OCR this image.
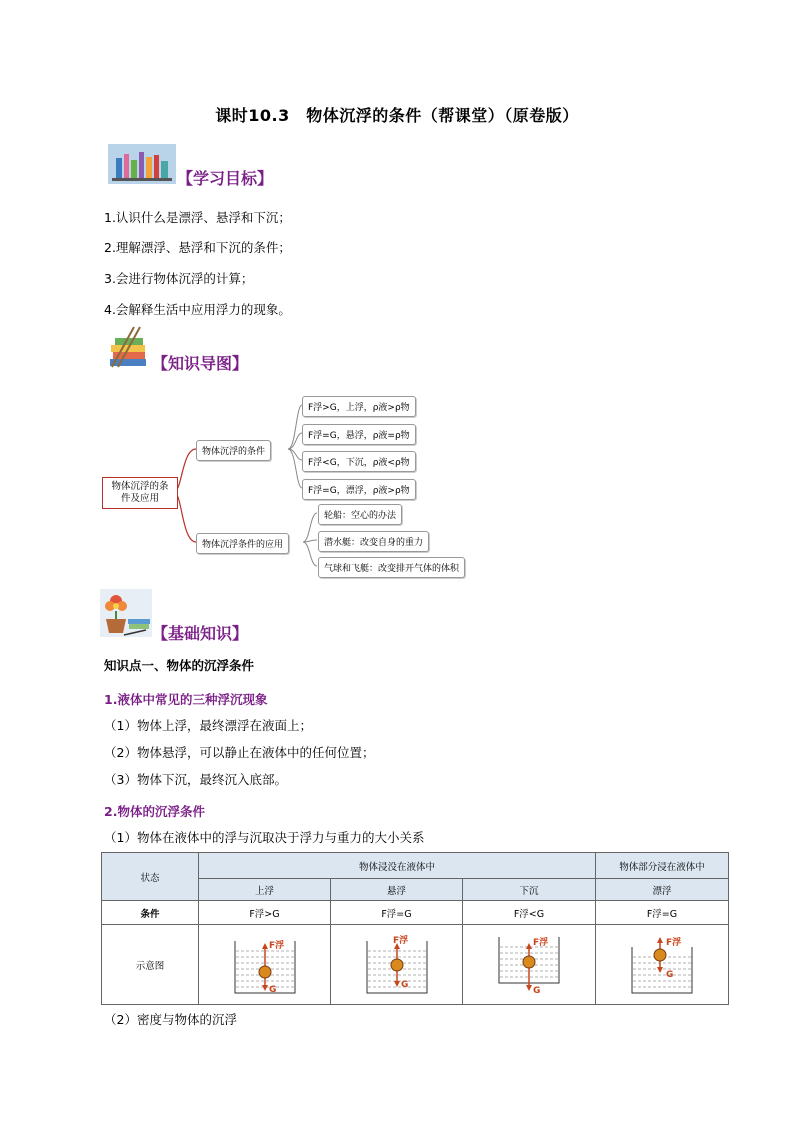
课时10.3　物体沉浮的条件（帮课堂）（原卷版）
【学习目标】
1.认识什么是漂浮、悬浮和下沉；
2.理解漂浮、悬浮和下沉的条件；
3.会进行物体沉浮的计算；
4.会解释生活中应用浮力的现象。
【知识导图】
物体沉浮的条件及应用
物体沉浮的条件
物体沉浮条件的应用
F浮>G，上浮，ρ液>ρ物
F浮=G，悬浮，ρ液=ρ物
F浮<G，下沉，ρ液<ρ物
F浮=G，漂浮，ρ液>ρ物
轮船：空心的办法
潜水艇：改变自身的重力
气球和飞艇：改变排开气体的体积
【基础知识】
知识点一、物体的沉浮条件
1.液体中常见的三种浮沉现象
（1）物体上浮，最终漂浮在液面上；
（2）物体悬浮，可以静止在液体中的任何位置；
（3）物体下沉，最终沉入底部。
2.物体的沉浮条件
（1）物体在液体中的浮与沉取决于浮力与重力的大小关系
状态	物体浸没在液体中			物体部分浸在液体中
	上浮	悬浮	下沉	漂浮
条件	F浮>G	F浮=G	F浮<G	F浮=G
示意图	F浮
G	F浮
G	F浮
G	F浮
G
（2）密度与物体的沉浮
